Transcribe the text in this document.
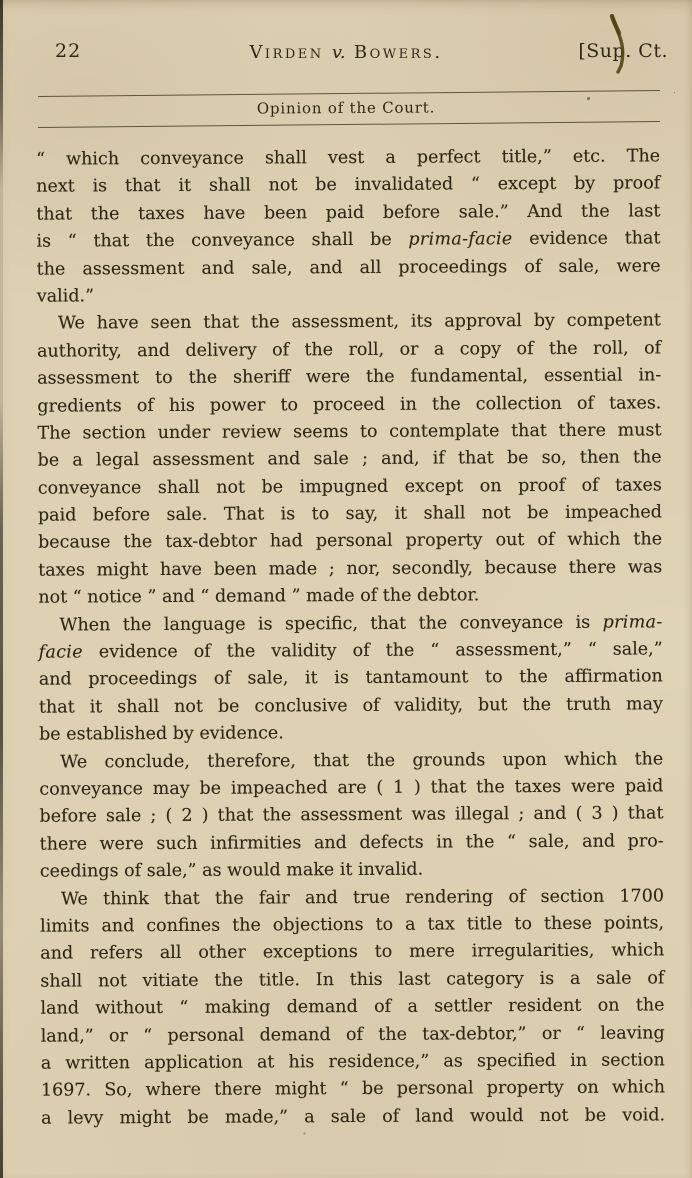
22	Virden v. Bowers.	[Sup. Ct.
Opinion of the Court.
“ which conveyance shall vest a perfect title,” etc. The
next is that it shall not be invalidated “ except by proof
that the taxes have been paid before sale.” And the last
is “ that the conveyance shall be prima-facie evidence that
the assessment and sale, and all proceedings of sale, were
valid.”
We have seen that the assessment, its approval by competent
authority, and delivery of the roll, or a copy of the roll, of
assessment to the sheriff were the fundamental, essential in-
gredients of his power to proceed in the collection of taxes.
The section under review seems to contemplate that there must
be a legal assessment and sale ; and, if that be so, then the
conveyance shall not be impugned except on proof of taxes
paid before sale. That is to say, it shall not be impeached
because the tax-debtor had personal property out of which the
taxes might have been made ; nor, secondly, because there was
not “ notice ” and “ demand ” made of the debtor.
When the language is specific, that the conveyance is prima-
facie evidence of the validity of the “ assessment,” “ sale,”
and proceedings of sale, it is tantamount to the affirmation
that it shall not be conclusive of validity, but the truth may
be established by evidence.
We conclude, therefore, that the grounds upon which the
conveyance may be impeached are ( 1 ) that the taxes were paid
before sale ; ( 2 ) that the assessment was illegal ; and ( 3 ) that
there were such infirmities and defects in the “ sale, and pro-
ceedings of sale,” as would make it invalid.
We think that the fair and true rendering of section 1700
limits and confines the objections to a tax title to these points,
and refers all other exceptions to mere irregularities, which
shall not vitiate the title. In this last category is a sale of
land without “ making demand of a settler resident on the
land,” or “ personal demand of the tax-debtor,” or “ leaving
a written application at his residence,” as specified in section
1697. So, where there might “ be personal property on which
a levy might be made,” a sale of land would not be void.
